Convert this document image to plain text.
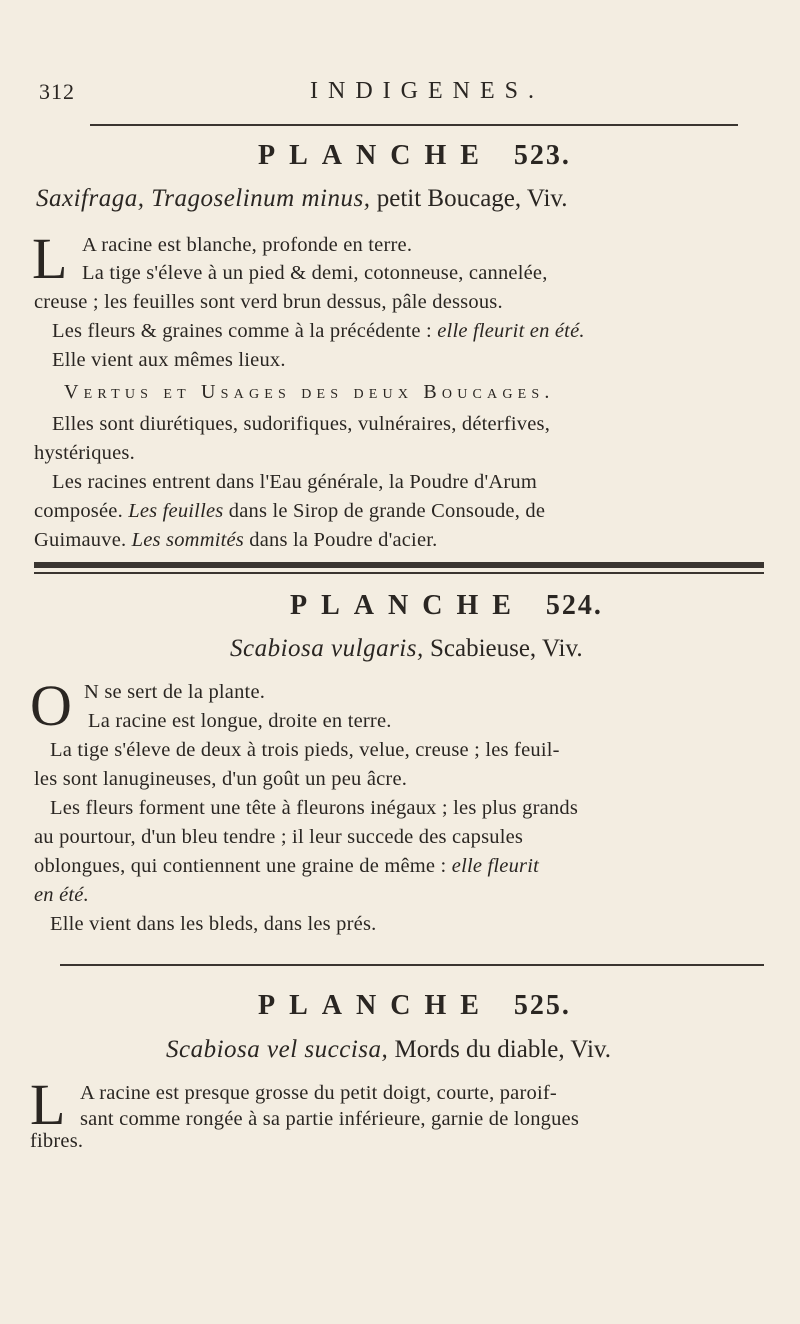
312	INDIGENES.
PLANCHE 523.
Saxifraga, Tragoselinum minus, petit Boucage, Viv.
L A racine est blanche, profonde en terre.
La tige s'éleve à un pied & demi, cotonneuse, cannelée,
creuse ; les feuilles sont verd brun dessus, pâle dessous.
Les fleurs & graines comme à la précédente : elle fleurit en été.
Elle vient aux mêmes lieux.
Vertus et Usages des deux Boucages.
Elles sont diurétiques, sudorifiques, vulnéraires, déterfives,
hystériques.
Les racines entrent dans l'Eau générale, la Poudre d'Arum
composée. Les feuilles dans le Sirop de grande Consoude, de
Guimauve. Les sommités dans la Poudre d'acier.
PLANCHE 524.
Scabiosa vulgaris, Scabieuse, Viv.
O N se sert de la plante.
La racine est longue, droite en terre.
La tige s'éleve de deux à trois pieds, velue, creuse ; les feuil-
les sont lanugineuses, d'un goût un peu âcre.
Les fleurs forment une tête à fleurons inégaux ; les plus grands
au pourtour, d'un bleu tendre ; il leur succede des capsules
oblongues, qui contiennent une graine de même : elle fleurit
en été.
Elle vient dans les bleds, dans les prés.
PLANCHE 525.
Scabiosa vel succisa, Mords du diable, Viv.
L A racine est presque grosse du petit doigt, courte, paroif-
sant comme rongée à sa partie inférieure, garnie de longues
fibres.
